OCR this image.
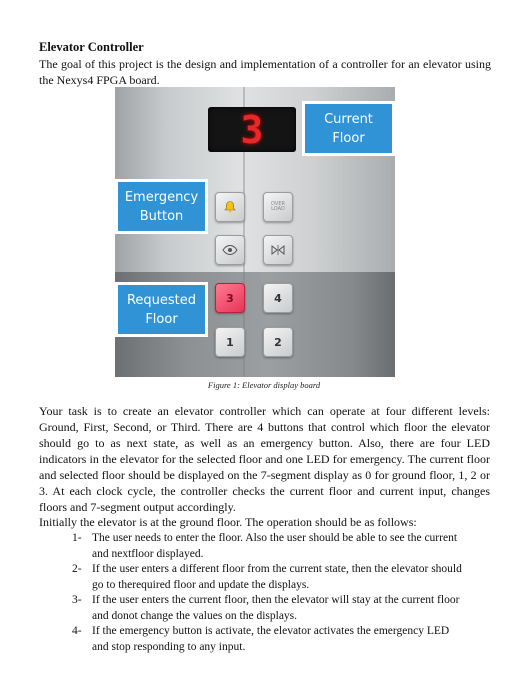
Elevator Controller
The goal of this project is the design and implementation of a controller for an elevator using the Nexys4 FPGA board.
3	Current
Floor
Emergency
Button
Requested
Floor
OVER
LOAD
3	4
1	2
Figure 1: Elevator display board
Your task is to create an elevator controller which can operate at four different levels: Ground, First, Second, or Third. There are 4 buttons that control which floor the elevator should go to as next state, as well as an emergency button. Also, there are four LED indicators in the elevator for the selected floor and one LED for emergency. The current floor and selected floor should be displayed on the 7-segment display as 0 for ground floor, 1, 2 or 3. At each clock cycle, the controller checks the current floor and current input, changes floors and 7-segment output accordingly.
Initially the elevator is at the ground floor. The operation should be as follows:
1- The user needs to enter the floor. Also the user should be able to see the current and nextfloor displayed.
2- If the user enters a different floor from the current state, then the elevator should go to therequired floor and update the displays.
3- If the user enters the current floor, then the elevator will stay at the current floor and donot change the values on the displays.
4- If the emergency button is activate, the elevator activates the emergency LED and stop responding to any input.
